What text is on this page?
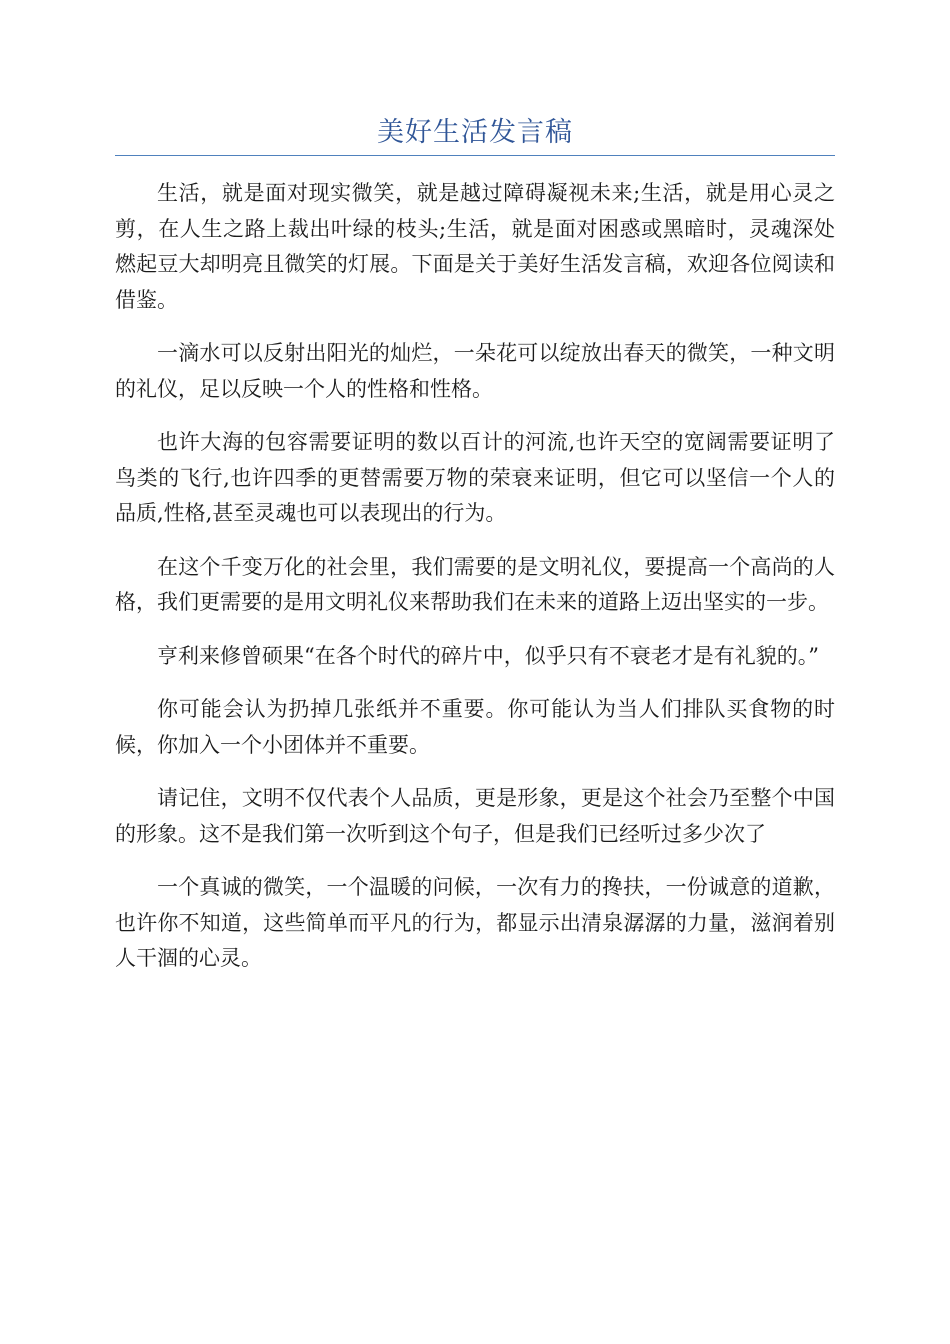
美好生活发言稿

生活，就是面对现实微笑，就是越过障碍凝视未来;生活，就是用心灵之剪，在人生之路上裁出叶绿的枝头;生活，就是面对困惑或黑暗时，灵魂深处燃起豆大却明亮且微笑的灯展。下面是关于美好生活发言稿，欢迎各位阅读和借鉴。

一滴水可以反射出阳光的灿烂，一朵花可以绽放出春天的微笑，一种文明的礼仪，足以反映一个人的性格和性格。

也许大海的包容需要证明的数以百计的河流,也许天空的宽阔需要证明了鸟类的飞行,也许四季的更替需要万物的荣衰来证明，但它可以坚信一个人的品质,性格,甚至灵魂也可以表现出的行为。

在这个千变万化的社会里，我们需要的是文明礼仪，要提高一个高尚的人格，我们更需要的是用文明礼仪来帮助我们在未来的道路上迈出坚实的一步。

亨利来修曾硕果“在各个时代的碎片中，似乎只有不衰老才是有礼貌的。”

你可能会认为扔掉几张纸并不重要。你可能认为当人们排队买食物的时候，你加入一个小团体并不重要。

请记住，文明不仅代表个人品质，更是形象，更是这个社会乃至整个中国的形象。这不是我们第一次听到这个句子，但是我们已经听过多少次了

一个真诚的微笑，一个温暖的问候，一次有力的搀扶，一份诚意的道歉，也许你不知道，这些简单而平凡的行为，都显示出清泉潺潺的力量，滋润着别人干涸的心灵。
